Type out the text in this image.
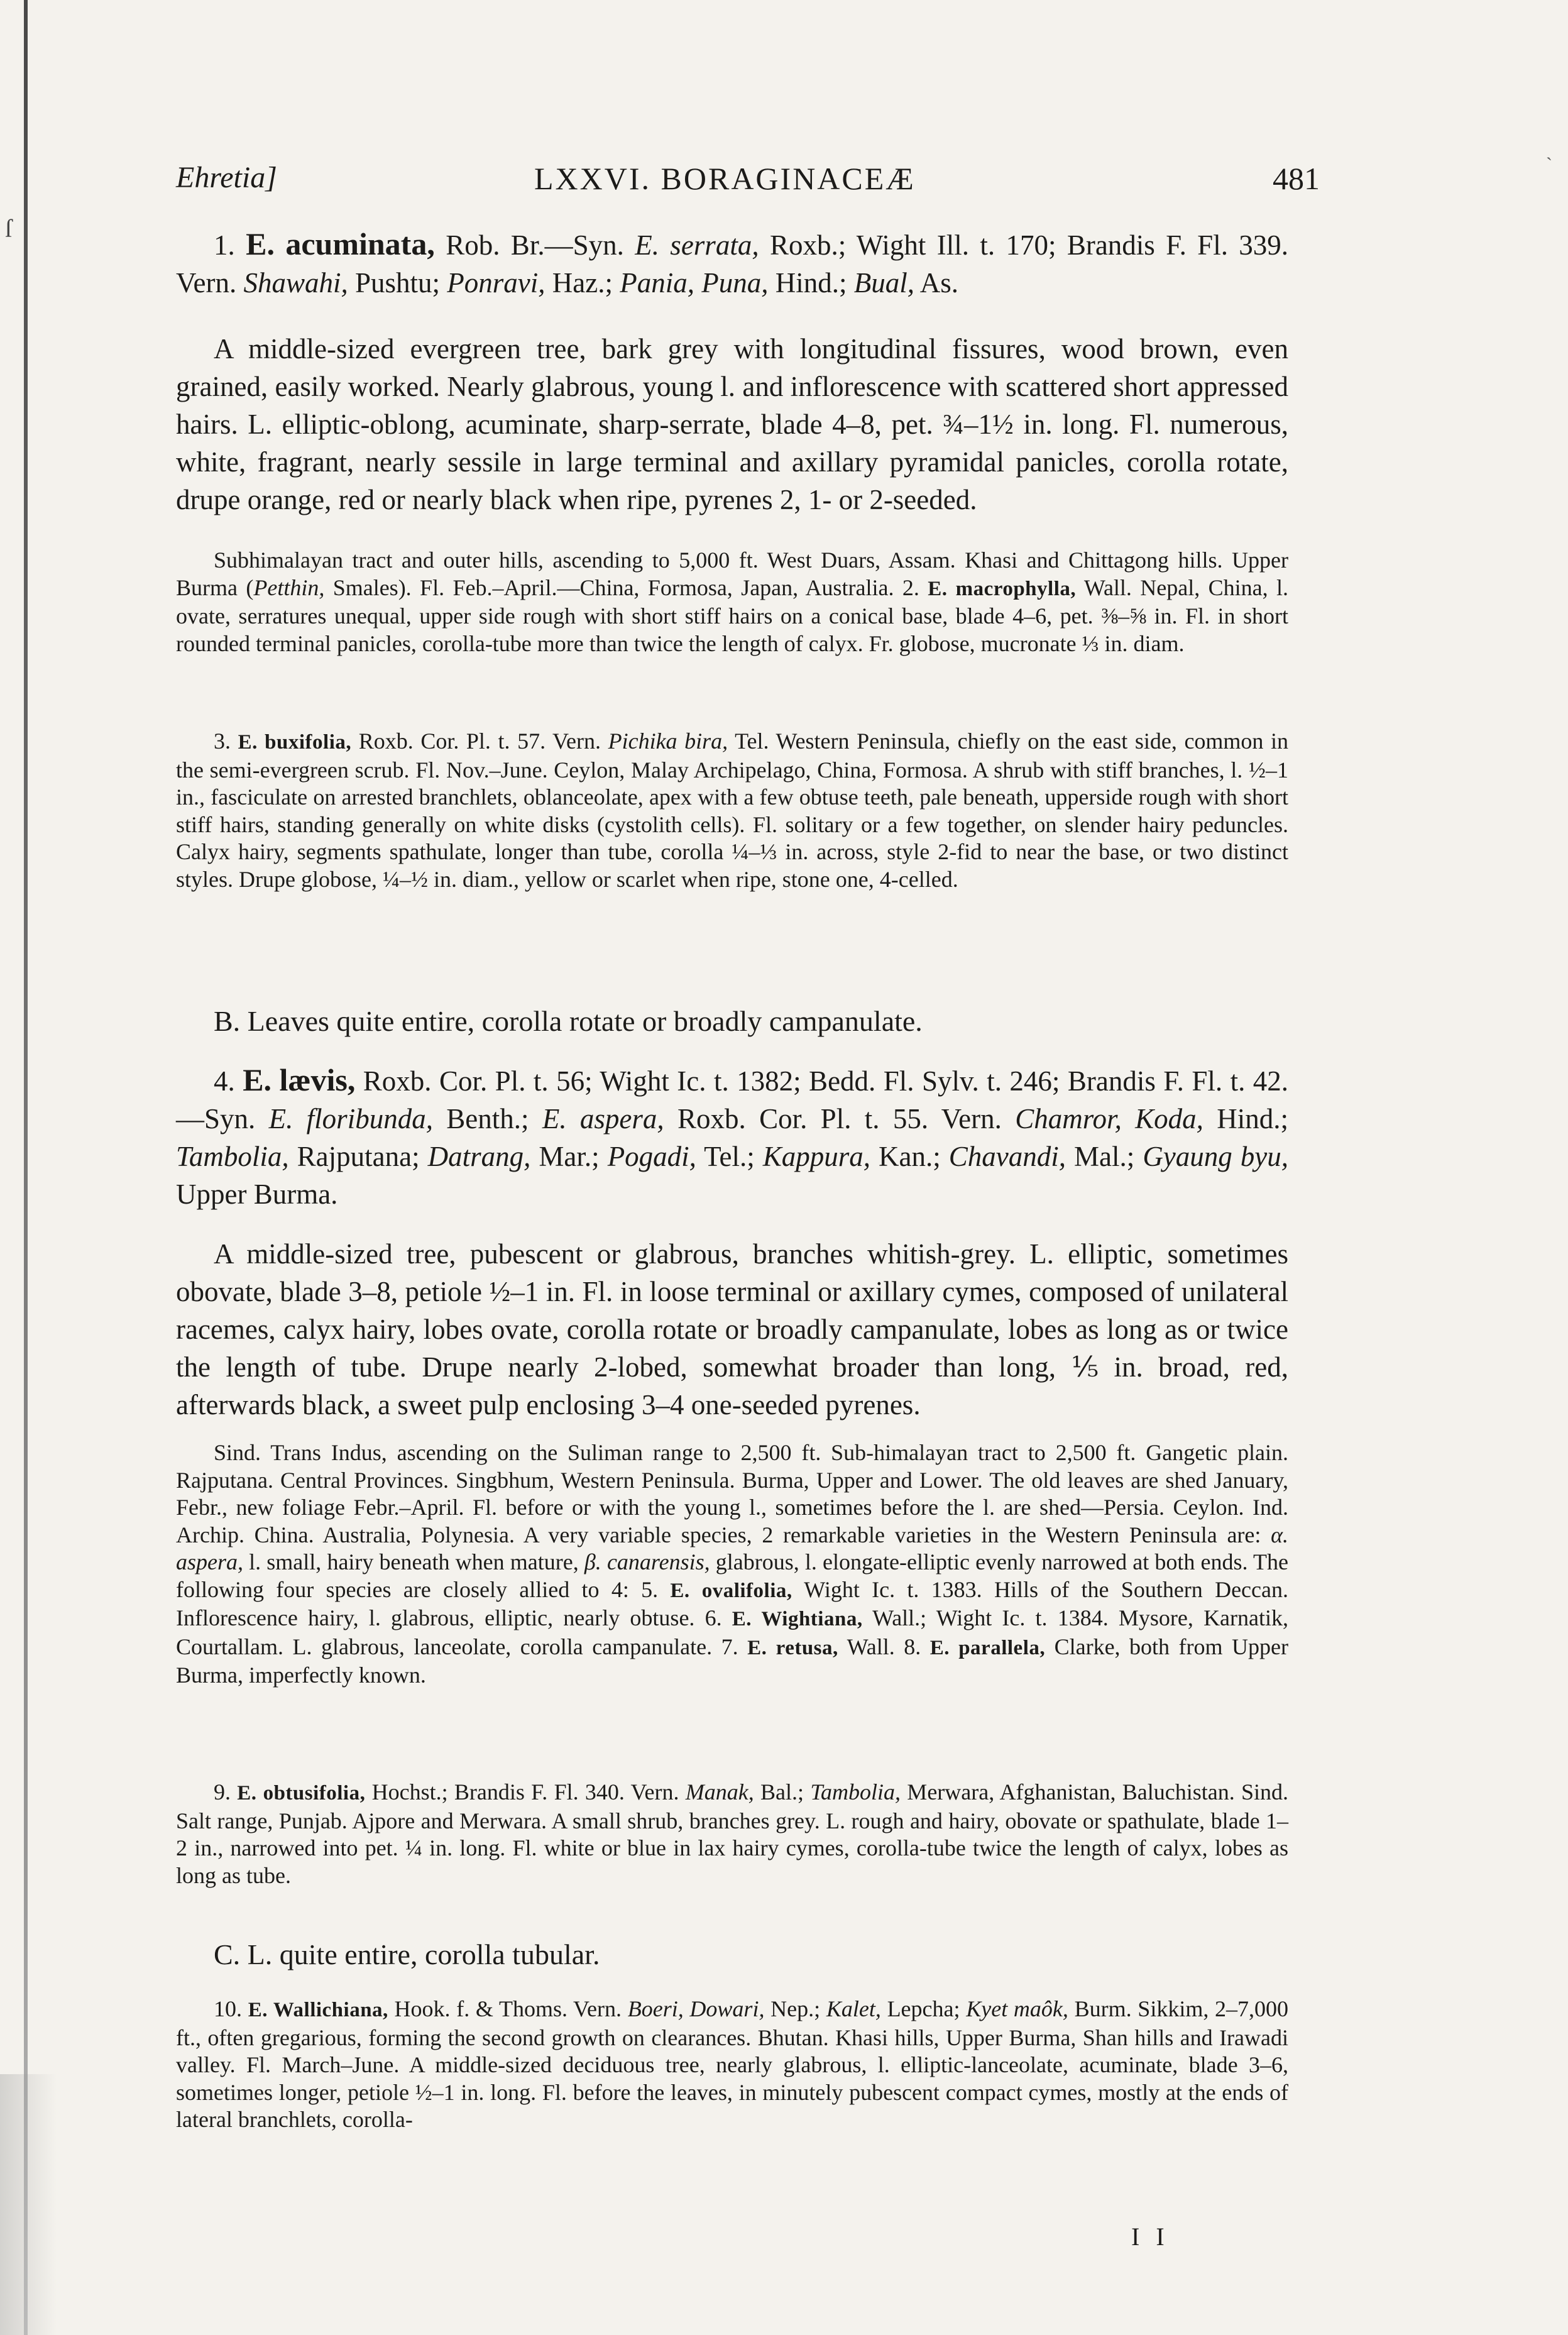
`
ſ
Ehretia]	LXXVI. BORAGINACEÆ	481
1. E. acuminata, Rob. Br.—Syn. E. serrata, Roxb.; Wight Ill. t. 170; Brandis F. Fl. 339. Vern. Shawahi, Pushtu; Ponravi, Haz.; Pania, Puna, Hind.; Bual, As.
A middle-sized evergreen tree, bark grey with longitudinal fissures, wood brown, even grained, easily worked. Nearly glabrous, young l. and inflorescence with scattered short appressed hairs. L. elliptic-oblong, acuminate, sharp-serrate, blade 4–8, pet. ¾–1½ in. long. Fl. numerous, white, fragrant, nearly sessile in large terminal and axillary pyramidal panicles, corolla rotate, drupe orange, red or nearly black when ripe, pyrenes 2, 1- or 2-seeded.
Subhimalayan tract and outer hills, ascending to 5,000 ft. West Duars, Assam. Khasi and Chittagong hills. Upper Burma (Petthin, Smales). Fl. Feb.–April.—China, Formosa, Japan, Australia. 2. E. macrophylla, Wall. Nepal, China, l. ovate, serratures unequal, upper side rough with short stiff hairs on a conical base, blade 4–6, pet. ⅜–⅝ in. Fl. in short rounded terminal panicles, corolla-tube more than twice the length of calyx. Fr. globose, mucronate ⅓ in. diam.
3. E. buxifolia, Roxb. Cor. Pl. t. 57. Vern. Pichika bira, Tel. Western Peninsula, chiefly on the east side, common in the semi-evergreen scrub. Fl. Nov.–June. Ceylon, Malay Archipelago, China, Formosa. A shrub with stiff branches, l. ½–1 in., fasciculate on arrested branchlets, oblanceolate, apex with a few obtuse teeth, pale beneath, upperside rough with short stiff hairs, standing generally on white disks (cystolith cells). Fl. solitary or a few together, on slender hairy peduncles. Calyx hairy, segments spathulate, longer than tube, corolla ¼–⅓ in. across, style 2-fid to near the base, or two distinct styles. Drupe globose, ¼–½ in. diam., yellow or scarlet when ripe, stone one, 4-celled.
B. Leaves quite entire, corolla rotate or broadly campanulate.
4. E. lævis, Roxb. Cor. Pl. t. 56; Wight Ic. t. 1382; Bedd. Fl. Sylv. t. 246; Brandis F. Fl. t. 42.—Syn. E. floribunda, Benth.; E. aspera, Roxb. Cor. Pl. t. 55. Vern. Chamror, Koda, Hind.; Tambolia, Rajputana; Datrang, Mar.; Pogadi, Tel.; Kappura, Kan.; Chavandi, Mal.; Gyaung byu, Upper Burma.
A middle-sized tree, pubescent or glabrous, branches whitish-grey. L. elliptic, sometimes obovate, blade 3–8, petiole ½–1 in. Fl. in loose terminal or axillary cymes, composed of unilateral racemes, calyx hairy, lobes ovate, corolla rotate or broadly campanulate, lobes as long as or twice the length of tube. Drupe nearly 2-lobed, somewhat broader than long, ⅕ in. broad, red, afterwards black, a sweet pulp enclosing 3–4 one-seeded pyrenes.
Sind. Trans Indus, ascending on the Suliman range to 2,500 ft. Sub-himalayan tract to 2,500 ft. Gangetic plain. Rajputana. Central Provinces. Singbhum, Western Peninsula. Burma, Upper and Lower. The old leaves are shed January, Febr., new foliage Febr.–April. Fl. before or with the young l., sometimes before the l. are shed—Persia. Ceylon. Ind. Archip. China. Australia, Polynesia. A very variable species, 2 remarkable varieties in the Western Peninsula are: α. aspera, l. small, hairy beneath when mature, β. canarensis, glabrous, l. elongate-elliptic evenly narrowed at both ends. The following four species are closely allied to 4: 5. E. ovalifolia, Wight Ic. t. 1383. Hills of the Southern Deccan. Inflorescence hairy, l. glabrous, elliptic, nearly obtuse. 6. E. Wightiana, Wall.; Wight Ic. t. 1384. Mysore, Karnatik, Courtallam. L. glabrous, lanceolate, corolla campanulate. 7. E. retusa, Wall. 8. E. parallela, Clarke, both from Upper Burma, imperfectly known.
9. E. obtusifolia, Hochst.; Brandis F. Fl. 340. Vern. Manak, Bal.; Tambolia, Merwara, Afghanistan, Baluchistan. Sind. Salt range, Punjab. Ajpore and Merwara. A small shrub, branches grey. L. rough and hairy, obovate or spathulate, blade 1–2 in., narrowed into pet. ¼ in. long. Fl. white or blue in lax hairy cymes, corolla-tube twice the length of calyx, lobes as long as tube.
C. L. quite entire, corolla tubular.
10. E. Wallichiana, Hook. f. & Thoms. Vern. Boeri, Dowari, Nep.; Kalet, Lepcha; Kyet maôk, Burm. Sikkim, 2–7,000 ft., often gregarious, forming the second growth on clearances. Bhutan. Khasi hills, Upper Burma, Shan hills and Irawadi valley. Fl. March–June. A middle-sized deciduous tree, nearly glabrous, l. elliptic-lanceolate, acuminate, blade 3–6, sometimes longer, petiole ½–1 in. long. Fl. before the leaves, in minutely pubescent compact cymes, mostly at the ends of lateral branchlets, corolla-
I I
